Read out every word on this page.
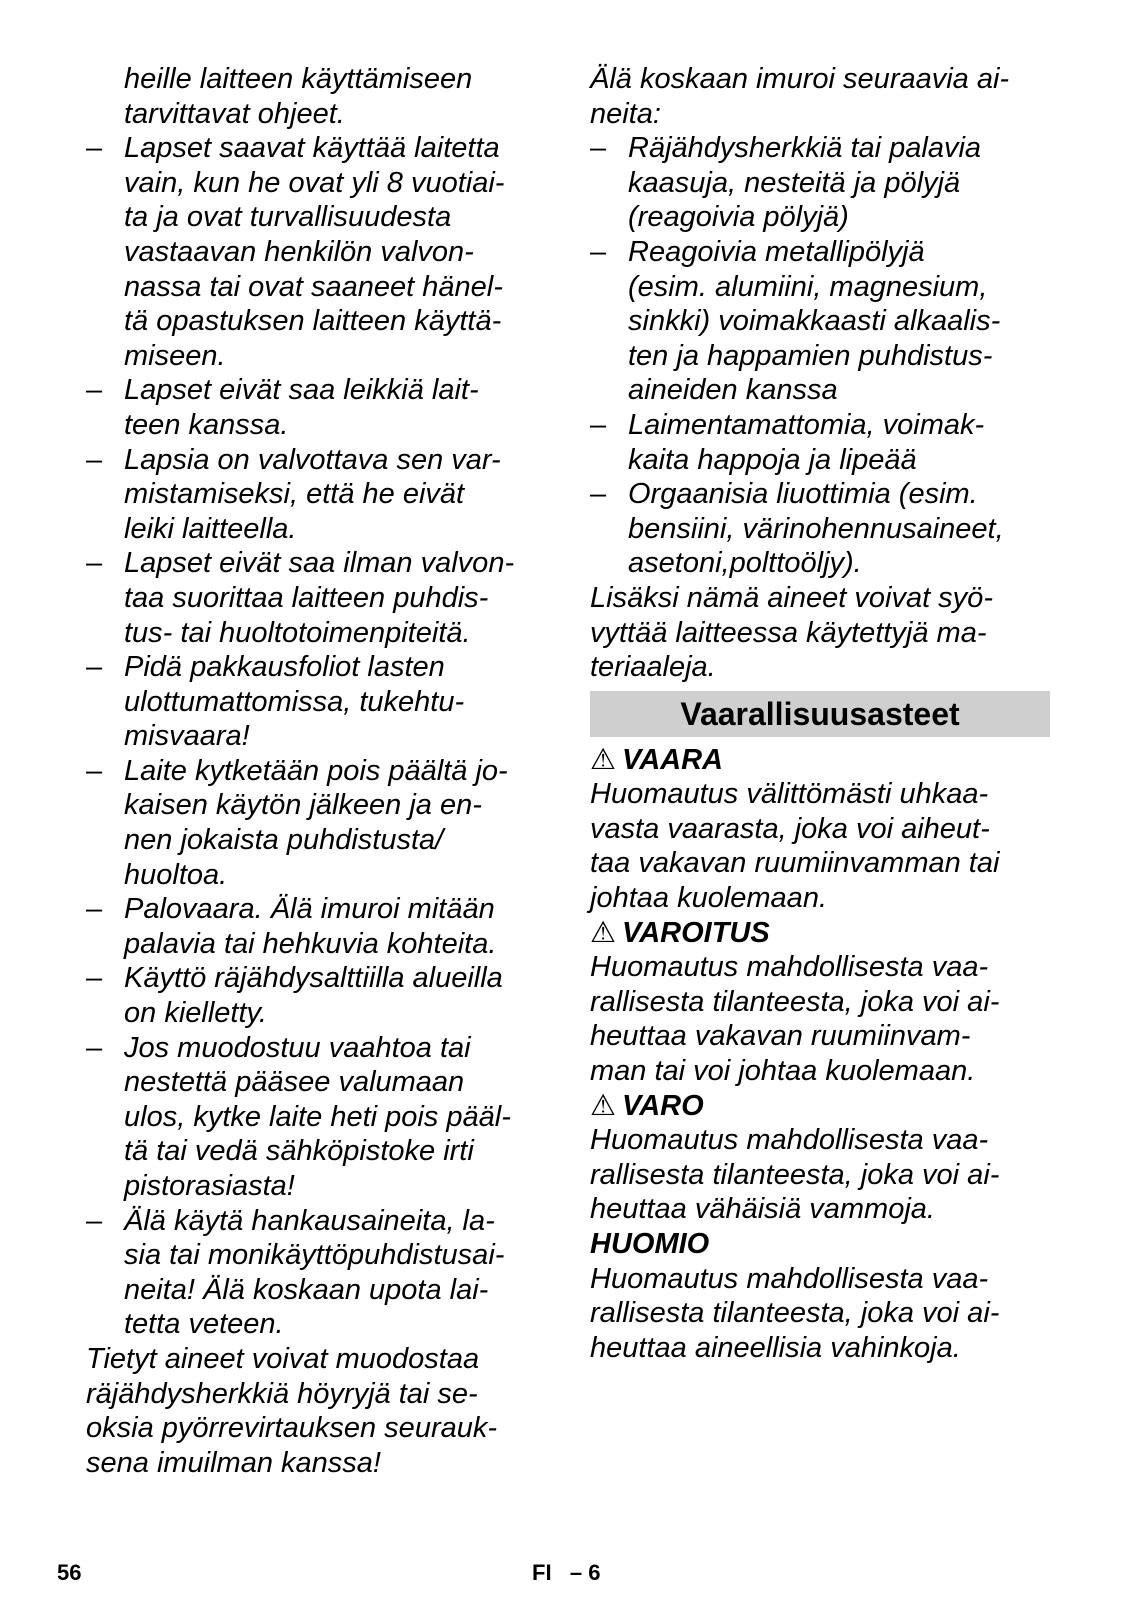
heille laitteen käyttämiseen
tarvittavat ohjeet.
– Lapset saavat käyttää laitetta
vain, kun he ovat yli 8 vuotiai-
ta ja ovat turvallisuudesta
vastaavan henkilön valvon-
nassa tai ovat saaneet hänel-
tä opastuksen laitteen käyttä-
miseen.
– Lapset eivät saa leikkiä lait-
teen kanssa.
– Lapsia on valvottava sen var-
mistamiseksi, että he eivät
leiki laitteella.
– Lapset eivät saa ilman valvon-
taa suorittaa laitteen puhdis-
tus- tai huoltotoimenpiteitä.
– Pidä pakkausfoliot lasten
ulottumattomissa, tukehtu-
misvaara!
– Laite kytketään pois päältä jo-
kaisen käytön jälkeen ja en-
nen jokaista puhdistusta/
huoltoa.
– Palovaara. Älä imuroi mitään
palavia tai hehkuvia kohteita.
– Käyttö räjähdysalttiilla alueilla
on kielletty.
– Jos muodostuu vaahtoa tai
nestettä pääsee valumaan
ulos, kytke laite heti pois pääl-
tä tai vedä sähköpistoke irti
pistorasiasta!
– Älä käytä hankausaineita, la-
sia tai monikäyttöpuhdistusai-
neita! Älä koskaan upota lai-
tetta veteen.
Tietyt aineet voivat muodostaa
räjähdysherkkiä höyryjä tai se-
oksia pyörrevirtauksen seurauk-
sena imuilman kanssa!
Älä koskaan imuroi seuraavia ai-
neita:
– Räjähdysherkkiä tai palavia
kaasuja, nesteitä ja pölyjä
(reagoivia pölyjä)
– Reagoivia metallipölyjä
(esim. alumiini, magnesium,
sinkki) voimakkaasti alkaalis-
ten ja happamien puhdistus-
aineiden kanssa
– Laimentamattomia, voimak-
kaita happoja ja lipeää
– Orgaanisia liuottimia (esim.
bensiini, värinohennusaineet,
asetoni,polttoöljy).
Lisäksi nämä aineet voivat syö-
vyttää laitteessa käytettyjä ma-
teriaaleja.
Vaarallisuusasteet
⚠ VAARA
Huomautus välittömästi uhkaa-
vasta vaarasta, joka voi aiheut-
taa vakavan ruumiinvamman tai
johtaa kuolemaan.
⚠ VAROITUS
Huomautus mahdollisesta vaa-
rallisesta tilanteesta, joka voi ai-
heuttaa vakavan ruumiinvam-
man tai voi johtaa kuolemaan.
⚠ VARO
Huomautus mahdollisesta vaa-
rallisesta tilanteesta, joka voi ai-
heuttaa vähäisiä vammoja.
HUOMIO
Huomautus mahdollisesta vaa-
rallisesta tilanteesta, joka voi ai-
heuttaa aineellisia vahinkoja.
56	FI   – 6
